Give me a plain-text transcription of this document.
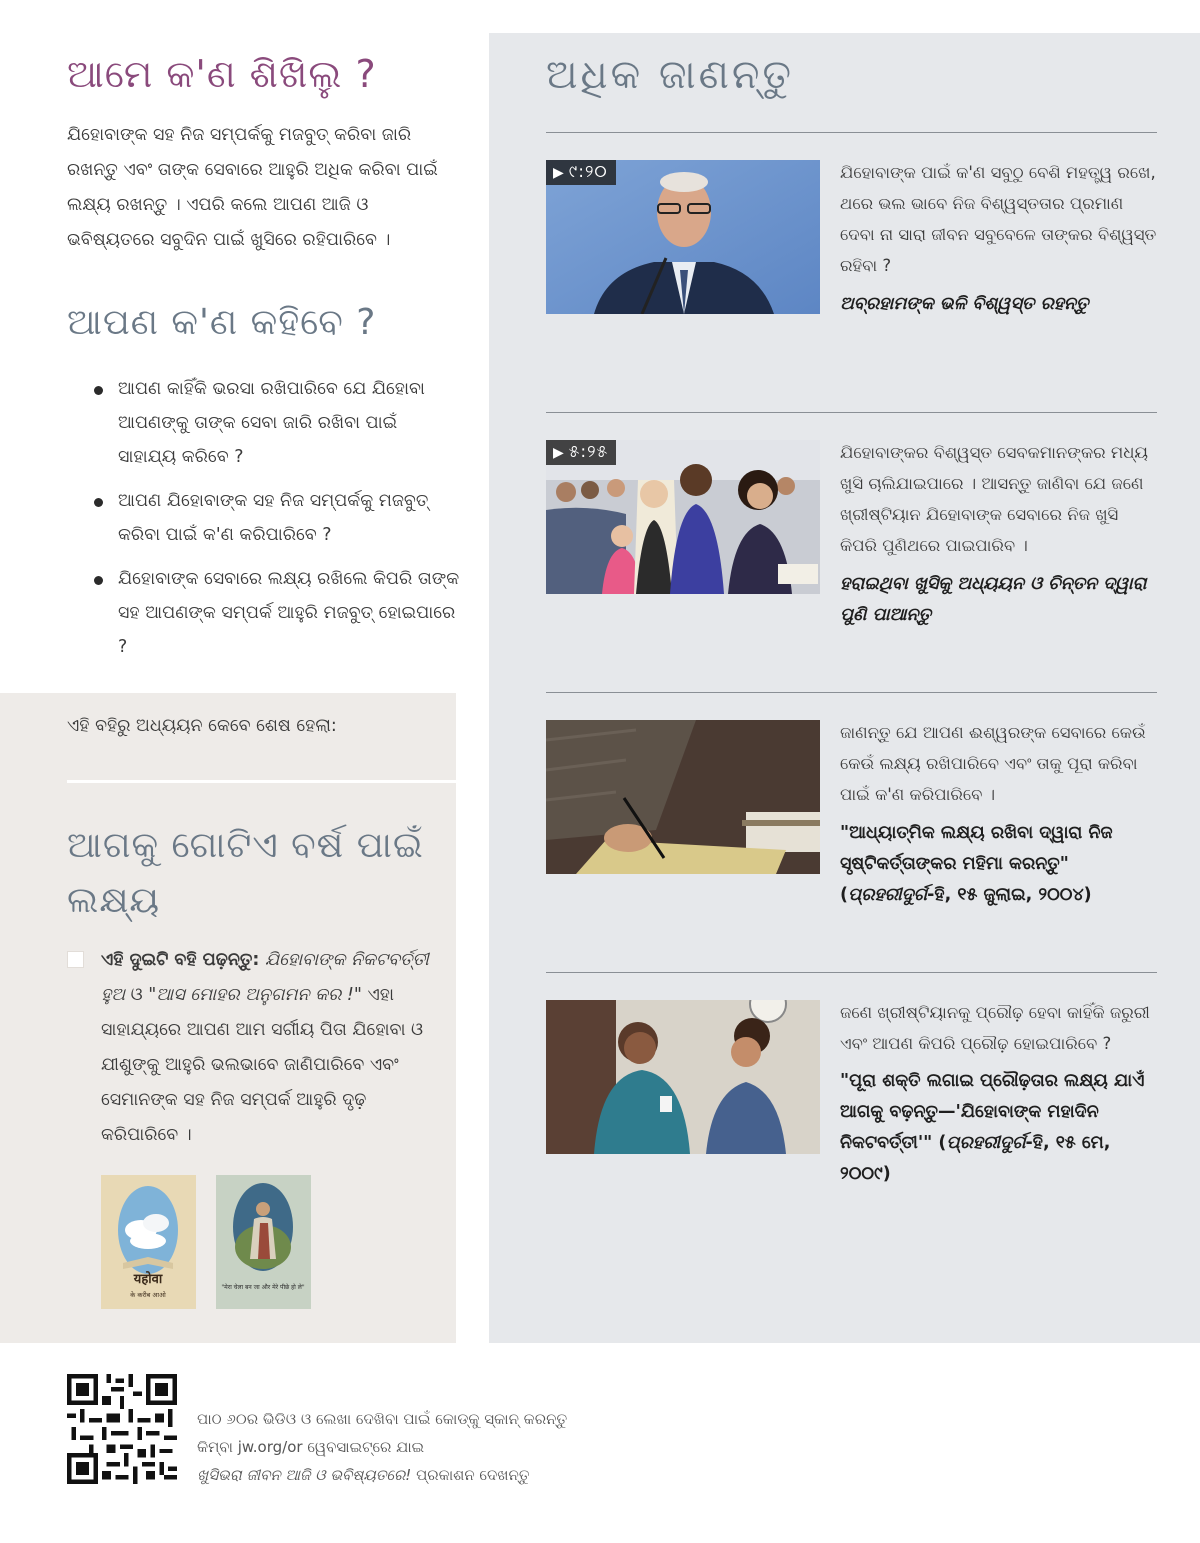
ଆମେ କ'ଣ ଶିଖିଲୁ ?

ଯିହୋବାଙ୍କ ସହ ନିଜ ସମ୍ପର୍କକୁ ମଜବୁତ୍‌ କରିବା ଜାରି ରଖନ୍ତୁ ଏବଂ ତାଙ୍କ ସେବାରେ ଆହୁରି ଅଧିକ କରିବା ପାଇଁ ଲକ୍ଷ୍ୟ ରଖନ୍ତୁ । ଏପରି କଲେ ଆପଣ ଆଜି ଓ ଭବିଷ୍ୟତରେ ସବୁଦିନ ପାଇଁ ଖୁସିରେ ରହିପାରିବେ ।

ଆପଣ କ'ଣ କହିବେ ?
ଆପଣ କାହିଁକି ଭରସା ରଖିପାରିବେ ଯେ ଯିହୋବା ଆପଣଙ୍କୁ ତାଙ୍କ ସେବା ଜାରି ରଖିବା ପାଇଁ ସାହାଯ୍ୟ କରିବେ ?
ଆପଣ ଯିହୋବାଙ୍କ ସହ ନିଜ ସମ୍ପର୍କକୁ ମଜବୁତ୍‌ କରିବା ପାଇଁ କ'ଣ କରିପାରିବେ ?
ଯିହୋବାଙ୍କ ସେବାରେ ଲକ୍ଷ୍ୟ ରଖିଲେ କିପରି ତାଙ୍କ ସହ ଆପଣଙ୍କ ସମ୍ପର୍କ ଆହୁରି ମଜବୁତ୍‌ ହୋଇପାରେ ?
ଏହି ବହିରୁ ଅଧ୍ୟୟନ କେବେ ଶେଷ ହେଲା:
ଆଗକୁ ଗୋଟିଏ ବର୍ଷ ପାଇଁ ଲକ୍ଷ୍ୟ

ଏହି ଦୁଇଟି ବହି ପଢ଼ନ୍ତୁ: ଯିହୋବାଙ୍କ ନିକଟବର୍ତ୍ତୀ ହୁଅ ଓ "ଆସ ମୋହର ଅନୁଗମନ କର !" ଏହା ସାହାଯ୍ୟରେ ଆପଣ ଆମ ସର୍ଗୀୟ ପିତା ଯିହୋବା ଓ ଯୀଶୁଙ୍କୁ ଆହୁରି ଭଲଭାବେ ଜାଣିପାରିବେ ଏବଂ ସେମାନଙ୍କ ସହ ନିଜ ସମ୍ପର୍କ ଆହୁରି ଦୃଢ଼ କରିପାରିବେ ।

यहोवा
के करीब आओ
"मेरा चेला बन जा और मेरे पीछे हो ले"
ଅଧିକ ଜାଣନ୍ତୁ
▶ ୯:୨୦	ଯିହୋବାଙ୍କ ପାଇଁ କ'ଣ ସବୁଠୁ ବେଶି ମହତ୍ତ୍ୱ ରଖେ, ଥରେ ଭଲ ଭାବେ ନିଜ ବିଶ୍ୱସ୍ତତାର ପ୍ରମାଣ ଦେବା ନା ସାରା ଜୀବନ ସବୁବେଳେ ତାଙ୍କର ବିଶ୍ୱସ୍ତ ରହିବା ?

ଅବ୍ରହାମଙ୍କ ଭଳି ବିଶ୍ୱସ୍ତ ରହନ୍ତୁ

▶ ୫:୨୫	ଯିହୋବାଙ୍କର ବିଶ୍ୱସ୍ତ ସେବକମାନଙ୍କର ମଧ୍ୟ ଖୁସି ଚାଲିଯାଇପାରେ । ଆସନ୍ତୁ ଜାଣିବା ଯେ ଜଣେ ଖ୍ରୀଷ୍ଟିୟାନ ଯିହୋବାଙ୍କ ସେବାରେ ନିଜ ଖୁସି କିପରି ପୁଣିଥରେ ପାଇପାରିବ ।

ହରାଇଥିବା ଖୁସିକୁ ଅଧ୍ୟୟନ ଓ ଚିନ୍ତନ ଦ୍ୱାରା ପୁଣି ପାଆନ୍ତୁ

ଜାଣନ୍ତୁ ଯେ ଆପଣ ଈଶ୍ୱରଙ୍କ ସେବାରେ କେଉଁ କେଉଁ ଲକ୍ଷ୍ୟ ରଖିପାରିବେ ଏବଂ ତାକୁ ପୂରା କରିବା ପାଇଁ କ'ଣ କରିପାରିବେ ।

"ଆଧ୍ୟାତ୍ମିକ ଲକ୍ଷ୍ୟ ରଖିବା ଦ୍ୱାରା ନିଜ ସୃଷ୍ଟିକର୍ତ୍ତାଙ୍କର ମହିମା କରନ୍ତୁ"
(ପ୍ରହରୀଦୁର୍ଗ-ହି, ୧୫ ଜୁଲାଇ, ୨୦୦୪)

ଜଣେ ଖ୍ରୀଷ୍ଟିୟାନକୁ ପ୍ରୌଢ଼ ହେବା କାହିଁକି ଜରୁରୀ ଏବଂ ଆପଣ କିପରି ପ୍ରୌଢ଼ ହୋଇପାରିବେ ?

"ପୂରା ଶକ୍ତି ଲଗାଇ ପ୍ରୌଢ଼ତାର ଲକ୍ଷ୍ୟ ଯାଏଁ ଆଗକୁ ବଢ଼ନ୍ତୁ—'ଯିହୋବାଙ୍କ ମହାଦିନ ନିକଟବର୍ତ୍ତୀ'" (ପ୍ରହରୀଦୁର୍ଗ-ହି, ୧୫ ମେ, ୨୦୦୯)

ପାଠ ୬୦ର ଭିଡିଓ ଓ ଲେଖା ଦେଖିବା ପାଇଁ କୋଡ୍‌କୁ ସ୍କାନ୍‌ କରନ୍ତୁ କିମ୍ବା jw.org/or ୱେବସାଇଟ୍‌ରେ ଯାଇ
ଖୁସିଭରା ଜୀବନ ଆଜି ଓ ଭବିଷ୍ୟତରେ! ପ୍ରକାଶନ ଦେଖନ୍ତୁ
